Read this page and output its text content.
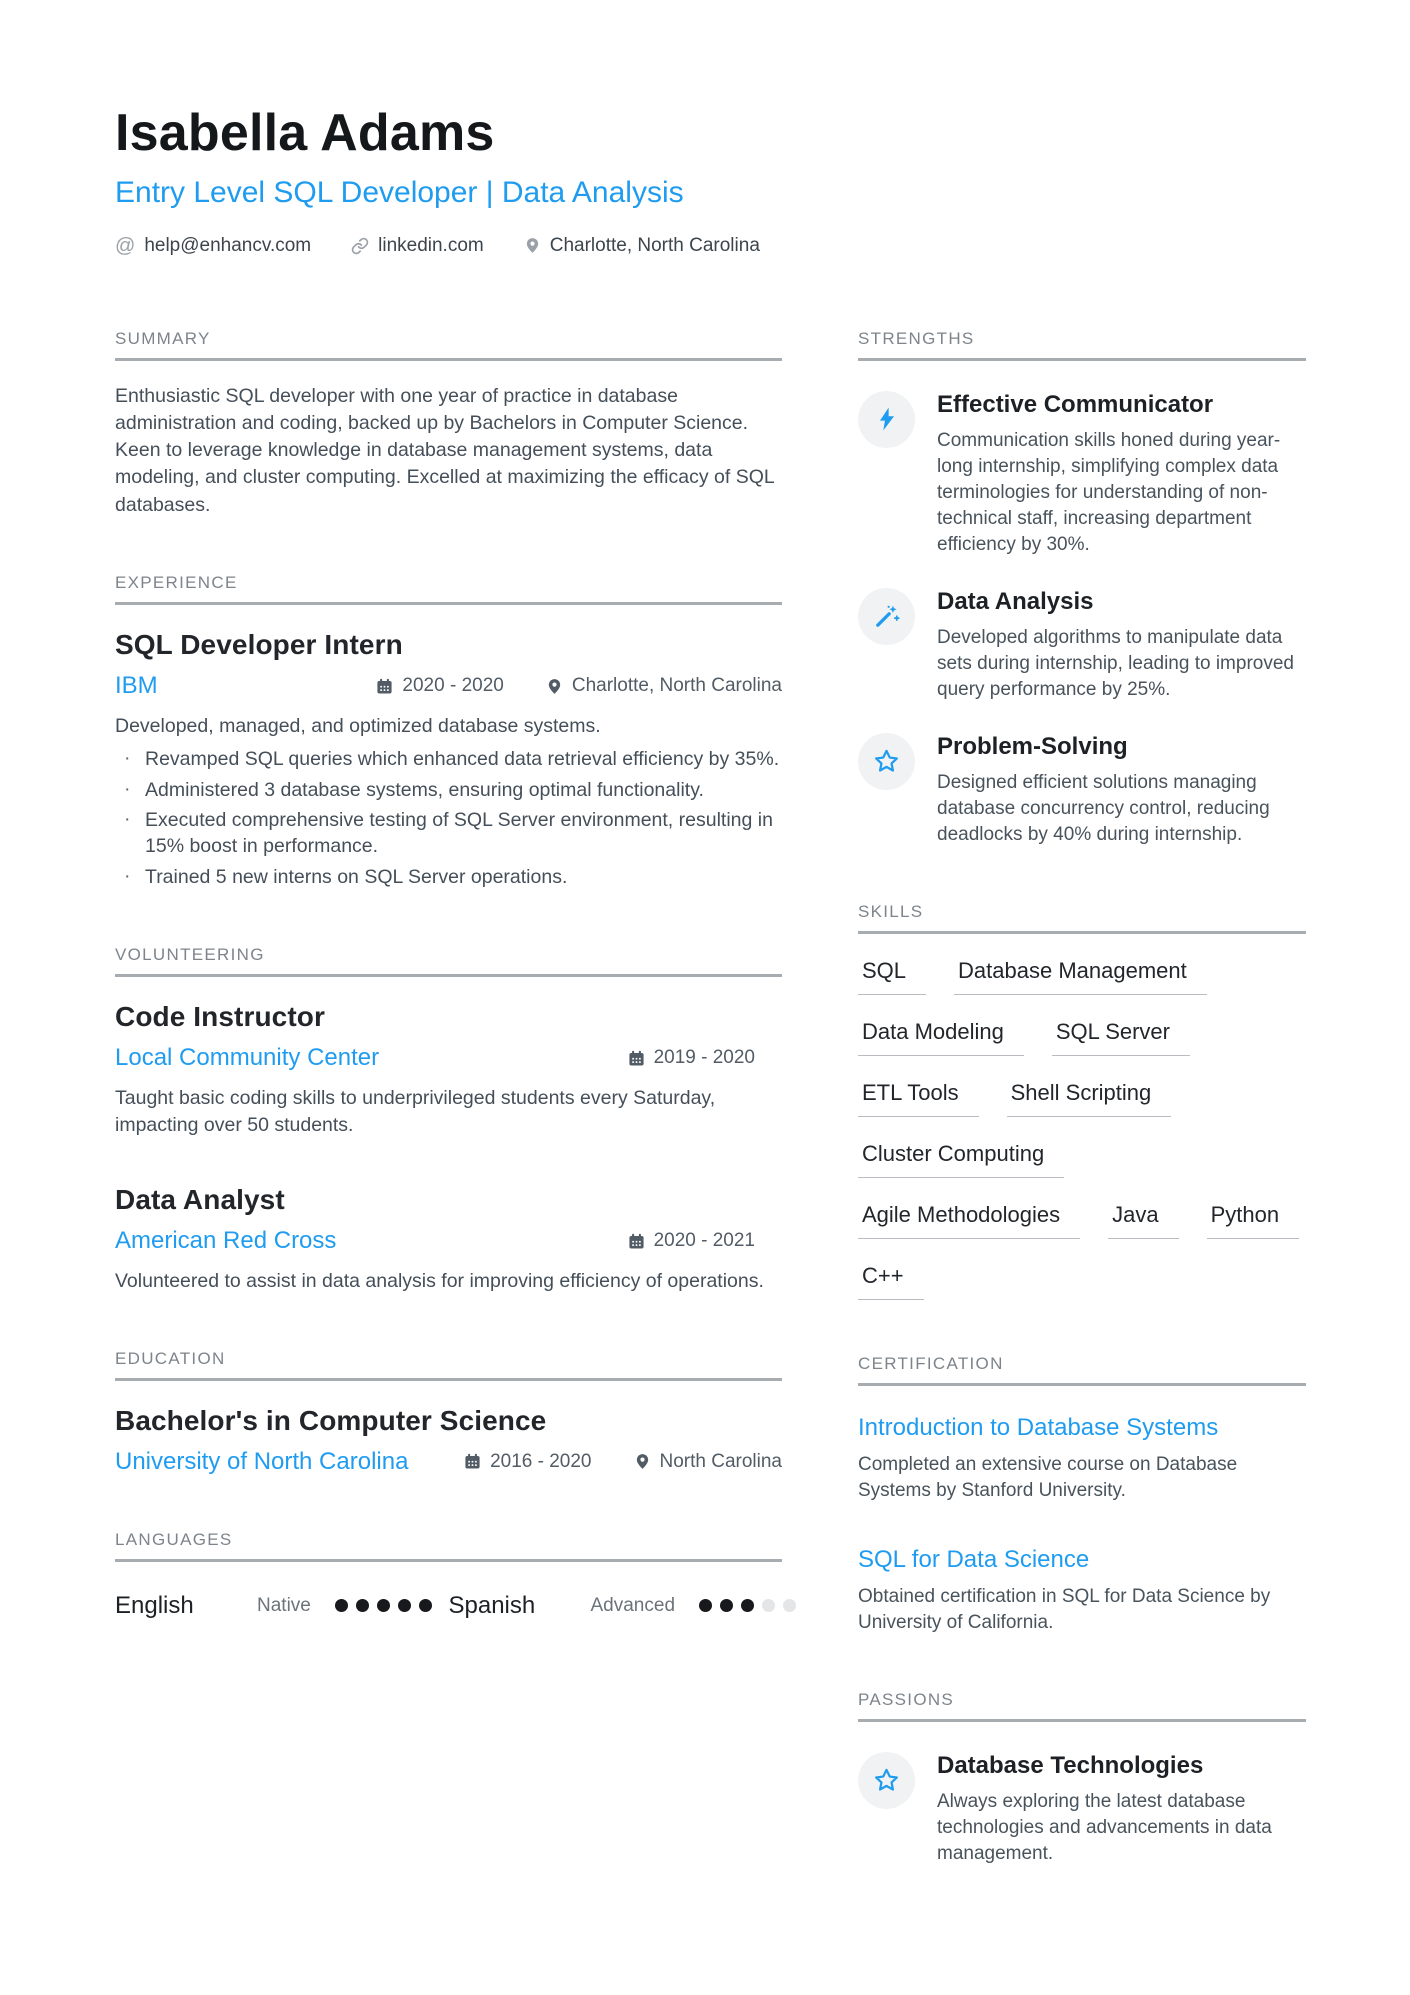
Isabella Adams
Entry Level SQL Developer | Data Analysis
@ help@enhancv.com	linkedin.com	Charlotte, North Carolina
SUMMARY

Enthusiastic SQL developer with one year of practice in database administration and coding, backed up by Bachelors in Computer Science. Keen to leverage knowledge in database management systems, data modeling, and cluster computing. Excelled at maximizing the efficacy of SQL databases.

EXPERIENCE
SQL Developer Intern
IBM	2020 - 2020	Charlotte, North Carolina
Developed, managed, and optimized database systems.
· Revamped SQL queries which enhanced data retrieval efficiency by 35%.
· Administered 3 database systems, ensuring optimal functionality.
· Executed comprehensive testing of SQL Server environment, resulting in 15% boost in performance.
· Trained 5 new interns on SQL Server operations.
VOLUNTEERING
Code Instructor
Local Community Center	2019 - 2020
Taught basic coding skills to underprivileged students every Saturday, impacting over 50 students.
Data Analyst
American Red Cross	2020 - 2021
Volunteered to assist in data analysis for improving efficiency of operations.
EDUCATION
Bachelor's in Computer Science
University of North Carolina	2016 - 2020	North Carolina
LANGUAGES
English	Native	Spanish	Advanced
STRENGTHS
Effective Communicator
Communication skills honed during year-long internship, simplifying complex data terminologies for understanding of non-technical staff, increasing department efficiency by 30%.
Data Analysis
Developed algorithms to manipulate data sets during internship, leading to improved query performance by 25%.
Problem-Solving
Designed efficient solutions managing database concurrency control, reducing deadlocks by 40% during internship.
SKILLS
SQL	Database Management
Data Modeling	SQL Server
ETL Tools	Shell Scripting
Cluster Computing
Agile Methodologies	Java	Python
C++
CERTIFICATION
Introduction to Database Systems
Completed an extensive course on Database Systems by Stanford University.
SQL for Data Science
Obtained certification in SQL for Data Science by University of California.
PASSIONS
Database Technologies
Always exploring the latest database technologies and advancements in data management.
